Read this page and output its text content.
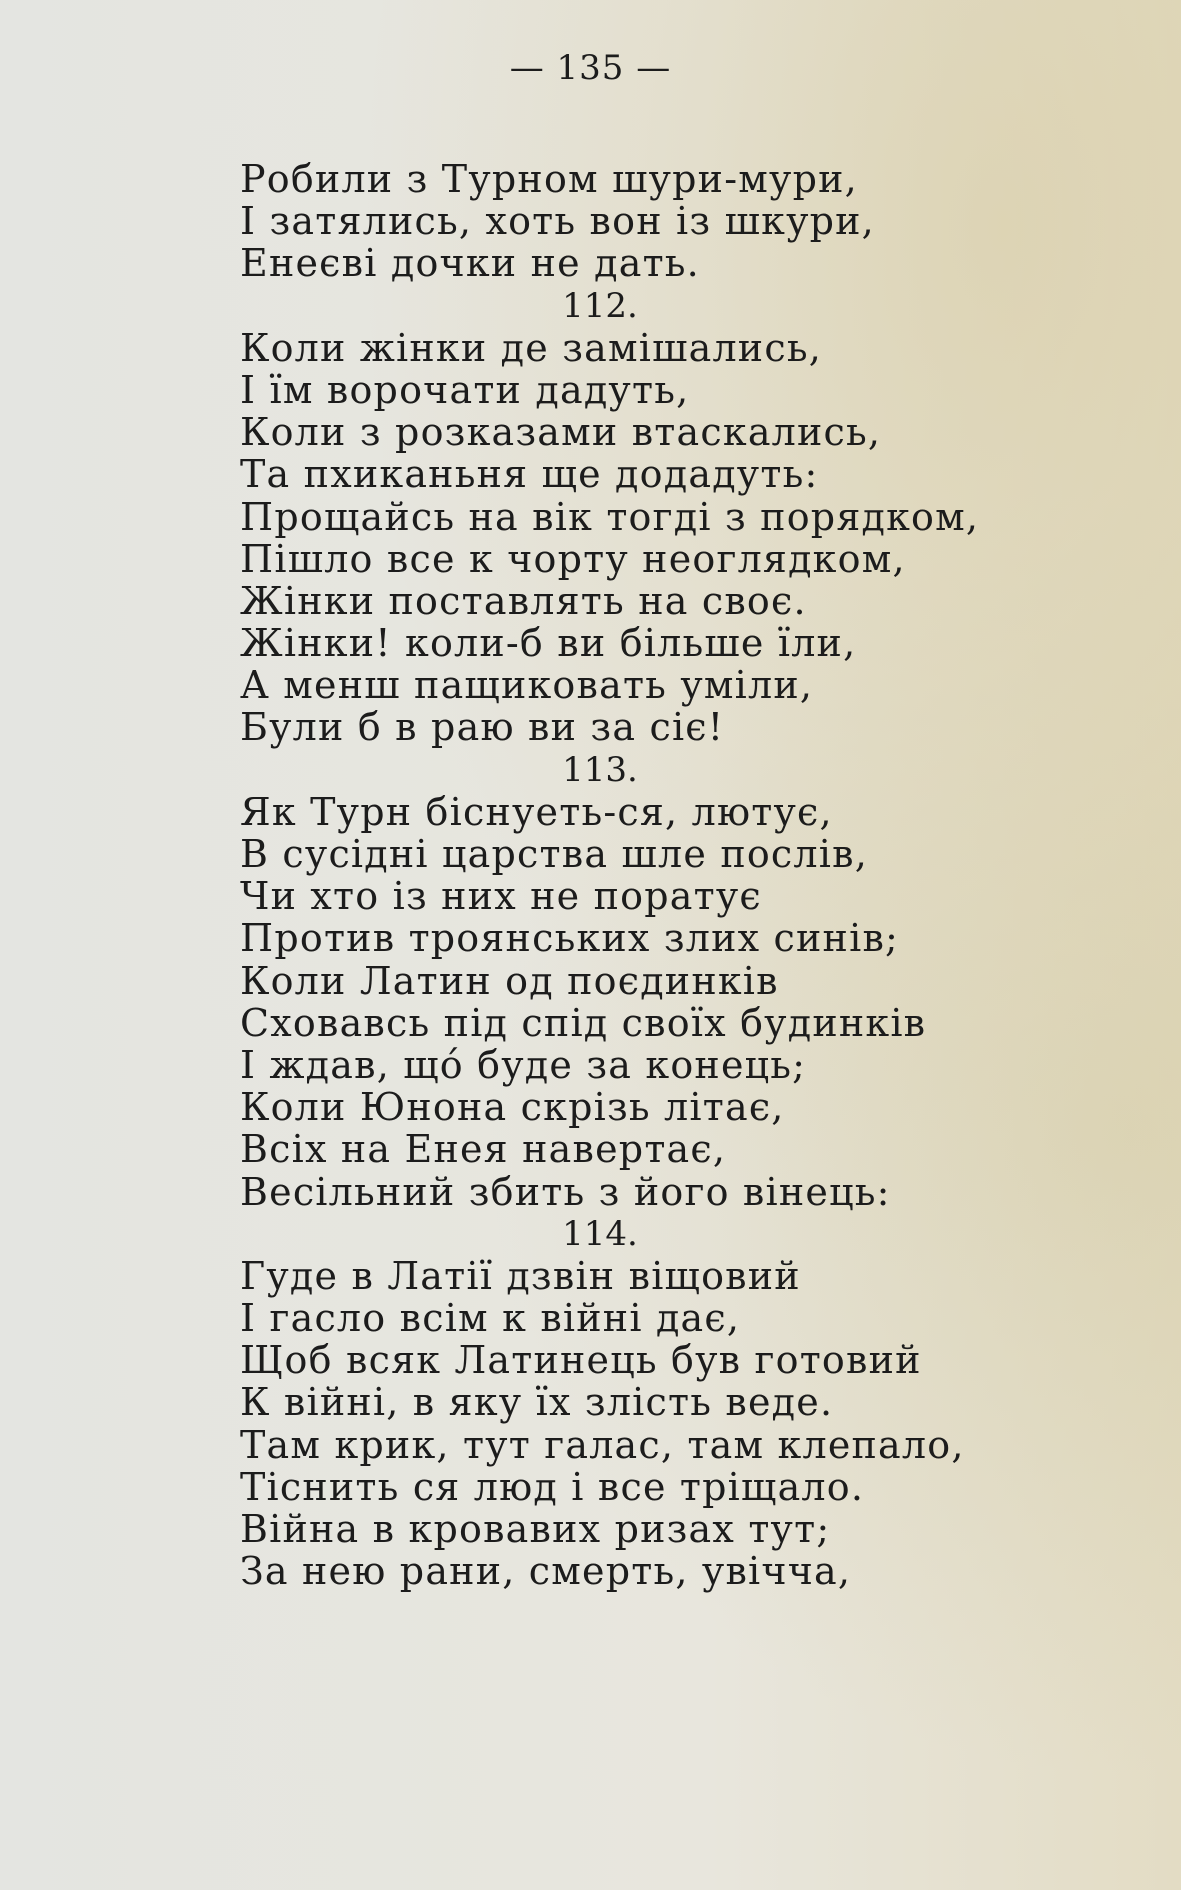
— 135 —
Робили з Турном шури-мури,
І затялись, хоть вон із шкури,
Енеєві дочки не дать.
112.
Коли жінки де замішались,
І їм ворочати дадуть,
Коли з розказами втаскались,
Та пхиканьня ще додадуть:
Прощайсь на вік тогді з порядком,
Пішло все к чорту неоглядком,
Жінки поставлять на своє.
Жінки! коли-б ви більше їли,
А менш пащиковать уміли,
Були б в раю ви за сіє!
113.
Як Турн біснуеть-ся, лютує,
В сусідні царства шле послів,
Чи хто із них не поратує
Против троянських злих синів;
Коли Латин од поєдинків
Сховавсь під спід своїх будинків
І ждав, щó буде за конець;
Коли Юнона скрізь літає,
Всіх на Енея навертає,
Весільний збить з його вінець:
114.
Гуде в Латії дзвін віщовий
І гасло всім к війні дає,
Щоб всяк Латинець був готовий
К війні, в яку їх злість веде.
Там крик, тут галас, там клепало,
Тіснить ся люд і все тріщало.
Війна в кровавих ризах тут;
За нею рани, смерть, увічча,
